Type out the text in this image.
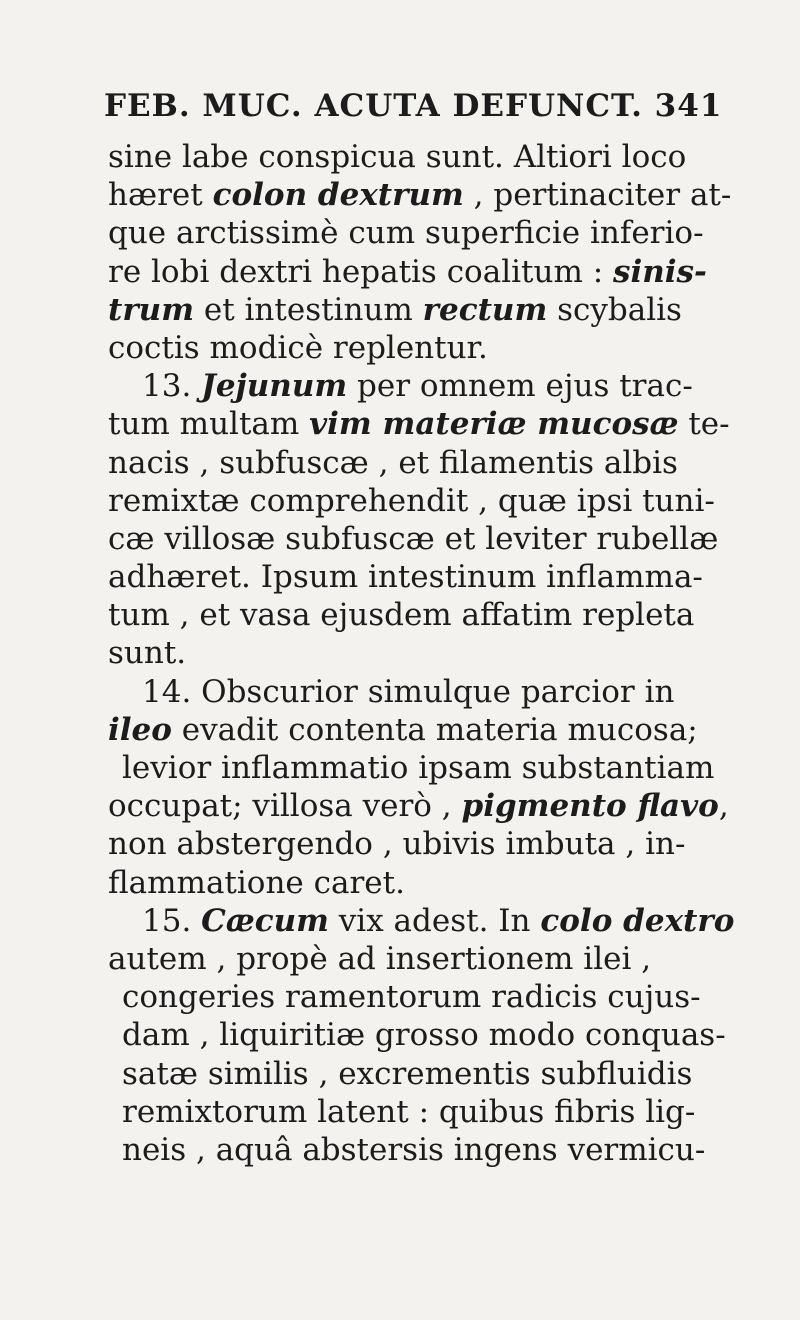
FEB. MUC. ACUTA DEFUNCT. 341
sine labe conspicua sunt. Altiori loco
hæret colon dextrum , pertinaciter at-
que arctissimè cum superficie inferio-
re lobi dextri hepatis coalitum : sinis-
trum et intestinum rectum scybalis
coctis modicè replentur.
13. Jejunum per omnem ejus trac-
tum multam vim materiæ mucosæ te-
nacis , subfuscæ , et filamentis albis
remixtæ comprehendit , quæ ipsi tuni-
cæ villosæ subfuscæ et leviter rubellæ
adhæret. Ipsum intestinum inflamma-
tum , et vasa ejusdem affatim repleta
sunt.
14. Obscurior simulque parcior in
ileo evadit contenta materia mucosa;
levior inflammatio ipsam substantiam
occupat; villosa verò , pigmento flavo,
non abstergendo , ubivis imbuta , in-
flammatione caret.
15. Cæcum vix adest. In colo dextro
autem , propè ad insertionem ilei ,
congeries ramentorum radicis cujus-
dam , liquiritiæ grosso modo conquas-
satæ similis , excrementis subfluidis
remixtorum latent : quibus fibris lig-
neis , aquâ abstersis ingens vermicu-
